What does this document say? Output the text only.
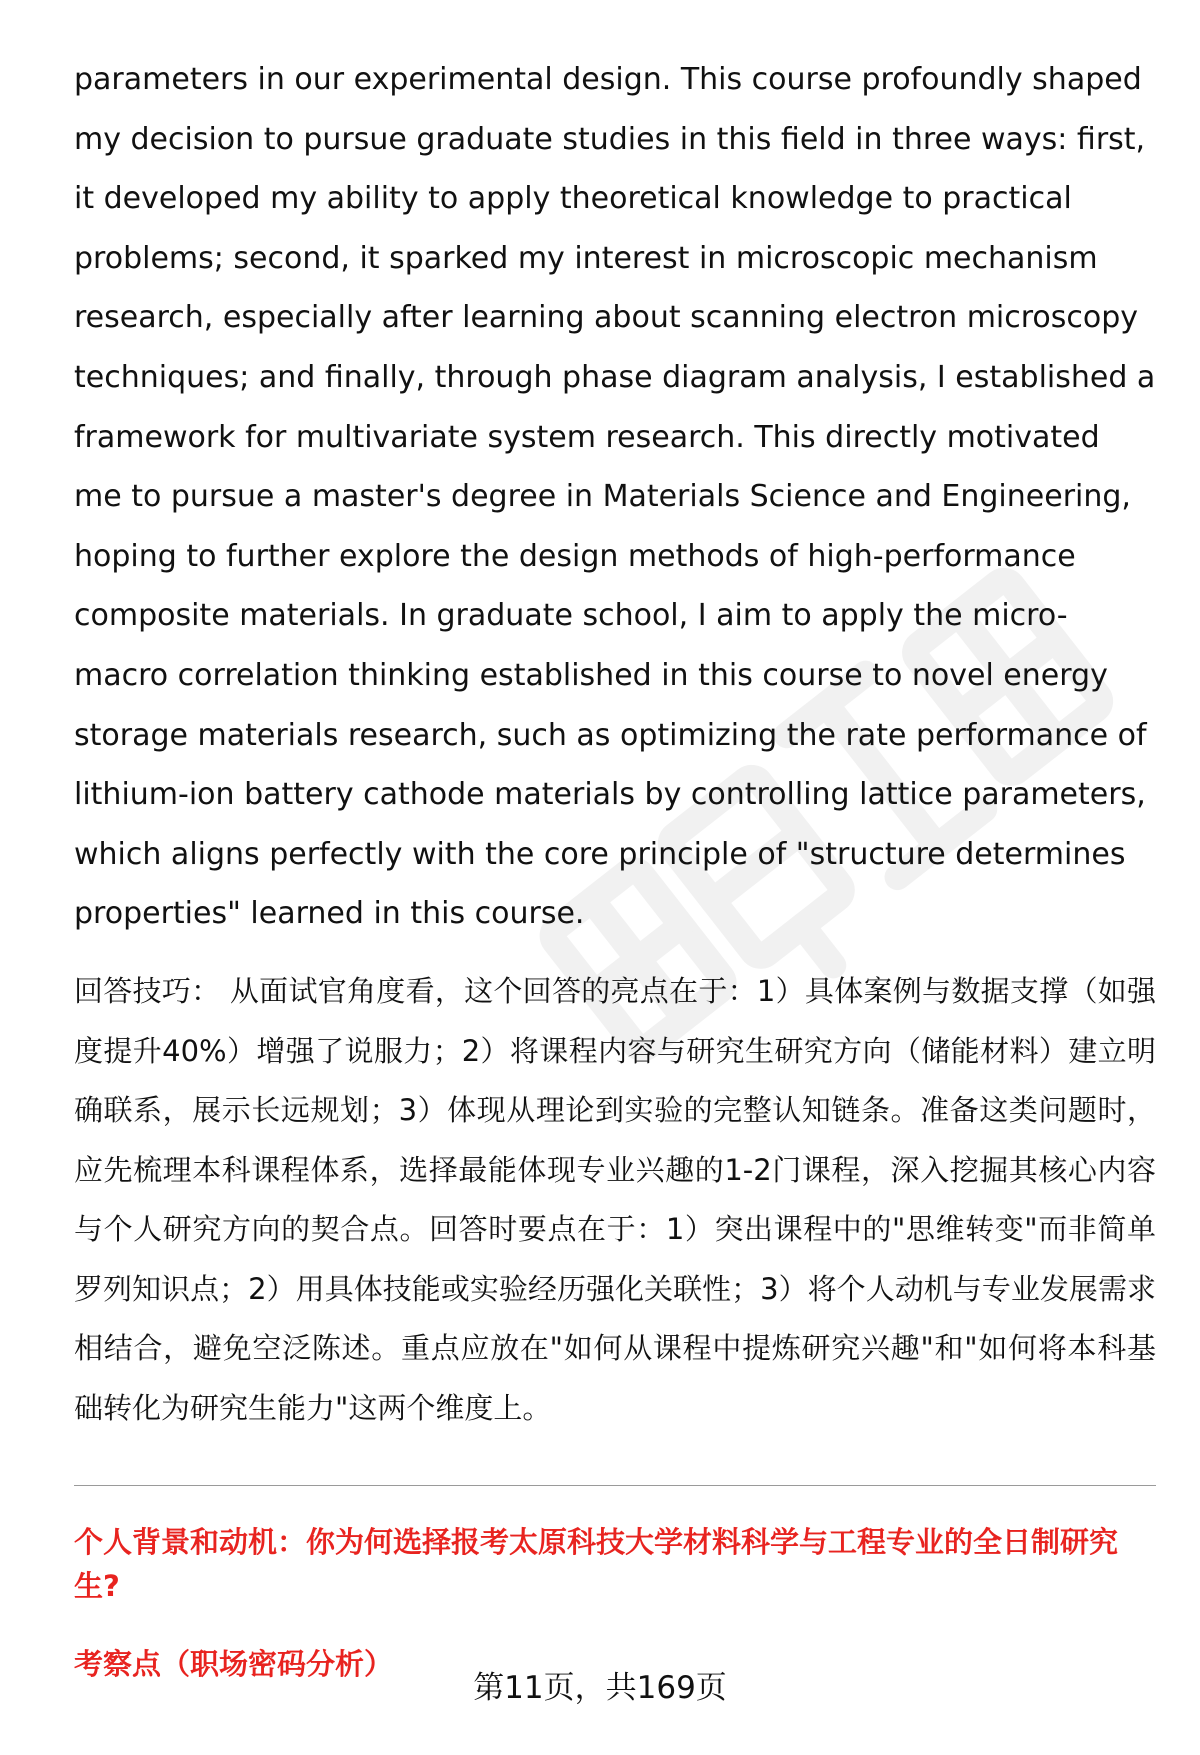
parameters in our experimental design. This course profoundly shaped my decision to pursue graduate studies in this field in three ways: first, it developed my ability to apply theoretical knowledge to practical problems; second, it sparked my interest in microscopic mechanism research, especially after learning about scanning electron microscopy techniques; and finally, through phase diagram analysis, I established a framework for multivariate system research. This directly motivated me to pursue a master's degree in Materials Science and Engineering, hoping to further explore the design methods of high-performance composite materials. In graduate school, I aim to apply the micro-macro correlation thinking established in this course to novel energy storage materials research, such as optimizing the rate performance of lithium-ion battery cathode materials by controlling lattice parameters, which aligns perfectly with the core principle of "structure determines properties" learned in this course.

回答技巧： 从面试官角度看，这个回答的亮点在于：1）具体案例与数据支撑（如强度提升40%）增强了说服力；2）将课程内容与研究生研究方向（储能材料）建立明确联系，展示长远规划；3）体现从理论到实验的完整认知链条。准备这类问题时，应先梳理本科课程体系，选择最能体现专业兴趣的1-2门课程，深入挖掘其核心内容与个人研究方向的契合点。回答时要点在于：1）突出课程中的"思维转变"而非简单罗列知识点；2）用具体技能或实验经历强化关联性；3）将个人动机与专业发展需求相结合，避免空泛陈述。重点应放在"如何从课程中提炼研究兴趣"和"如何将本科基础转化为研究生能力"这两个维度上。

个人背景和动机：你为何选择报考太原科技大学材料科学与工程专业的全日制研究生?

考察点（职场密码分析）

第11页，共169页
